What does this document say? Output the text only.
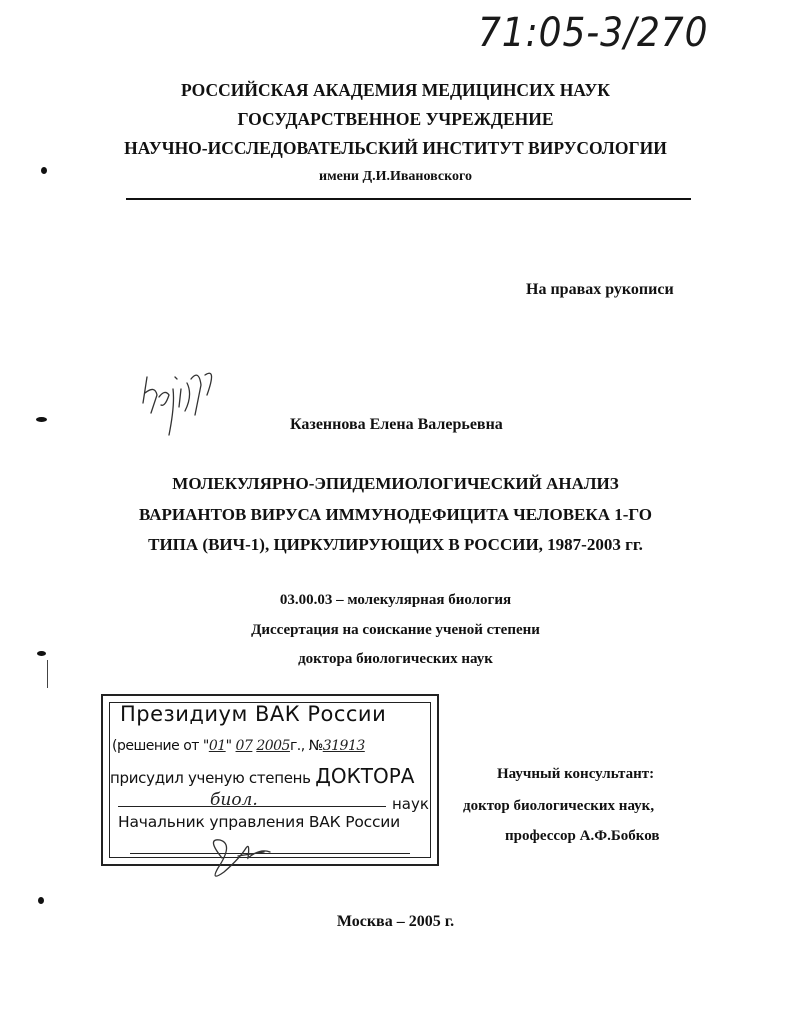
71:05-3/270
РОССИЙСКАЯ АКАДЕМИЯ МЕДИЦИНСИХ НАУК
ГОСУДАРСТВЕННОЕ УЧРЕЖДЕНИЕ
НАУЧНО-ИССЛЕДОВАТЕЛЬСКИЙ ИНСТИТУТ ВИРУСОЛОГИИ
имени Д.И.Ивановского
На правах рукописи
Казеннова Елена Валерьевна
МОЛЕКУЛЯРНО-ЭПИДЕМИОЛОГИЧЕСКИЙ АНАЛИЗ
ВАРИАНТОВ ВИРУСА ИММУНОДЕФИЦИТА ЧЕЛОВЕКА 1-ГО
ТИПА (ВИЧ-1), ЦИРКУЛИРУЮЩИХ В РОССИИ, 1987-2003 гг.
03.00.03 – молекулярная биология
Диссертация на соискание ученой степени
доктора биологических наук
Президиум ВАК России
(решение от "01" 07 2005г., №31913
присудил ученую степень ДОКТОРА
биол.	наук
Начальник управления ВАК России
Научный консультант:
доктор биологических наук,
профессор А.Ф.Бобков
Москва – 2005 г.
